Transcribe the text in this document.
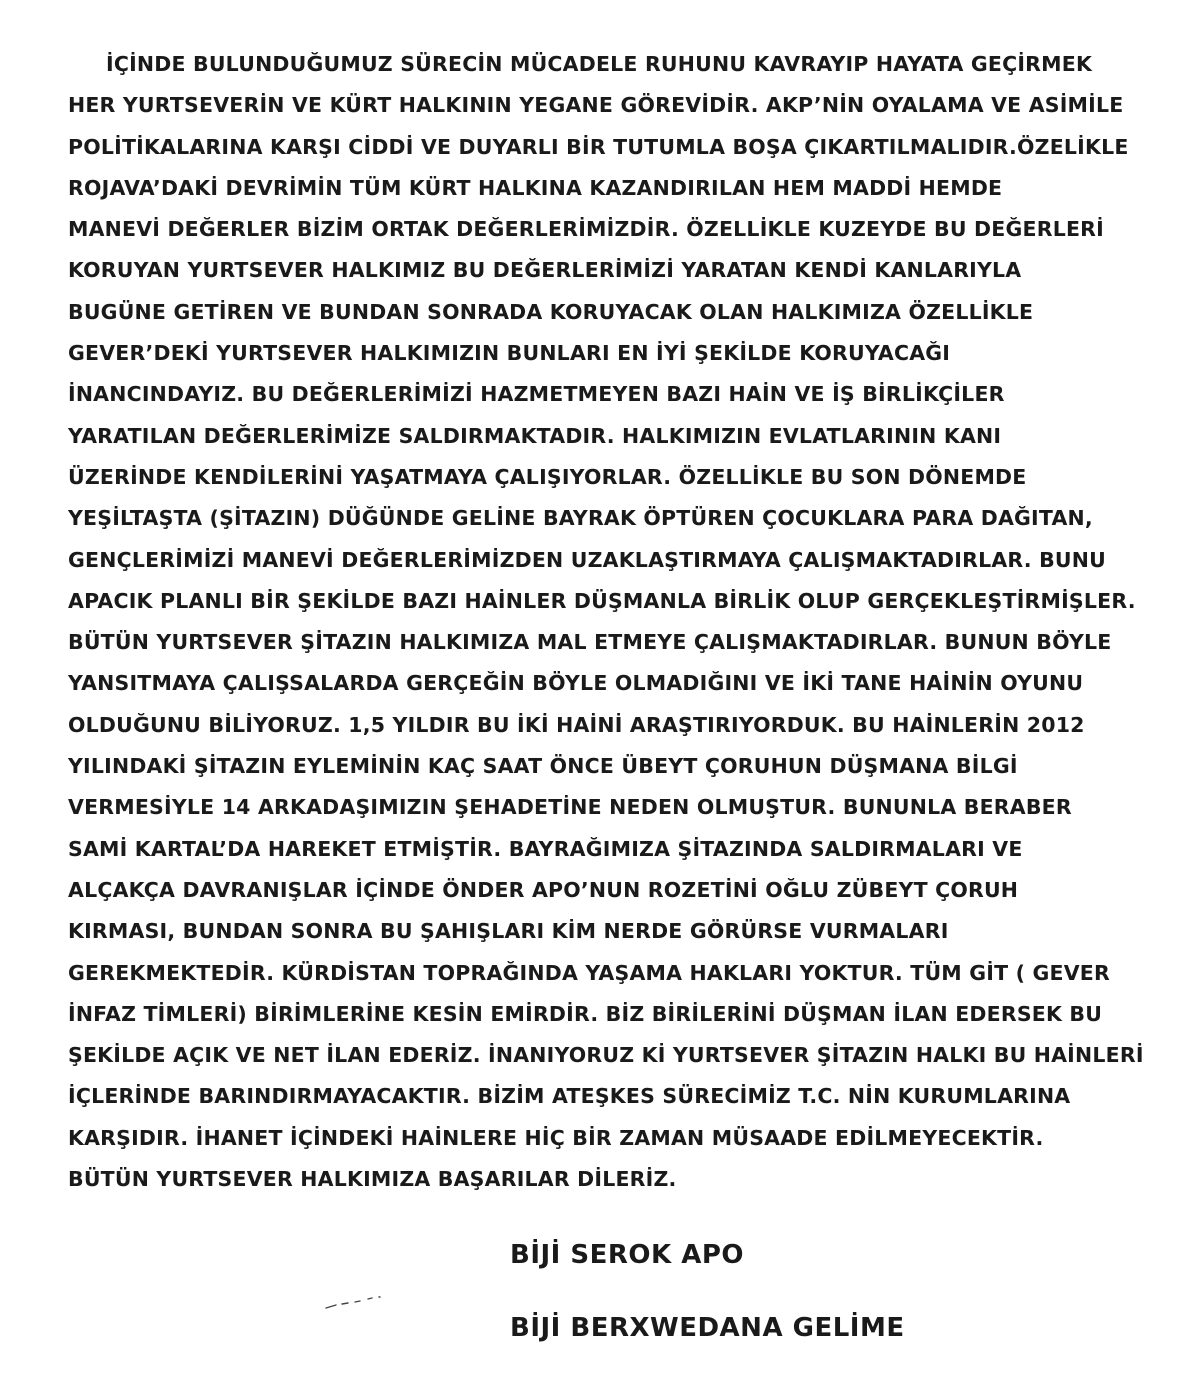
İÇİNDE BULUNDUĞUMUZ SÜRECİN MÜCADELE RUHUNU KAVRAYIP HAYATA GEÇİRMEK
HER YURTSEVERİN VE KÜRT HALKININ YEGANE GÖREVİDİR. AKP’NİN OYALAMA VE ASİMİLE
POLİTİKALARINA KARŞI CİDDİ VE DUYARLI BİR TUTUMLA BOŞA ÇIKARTILMALIDIR.ÖZELİKLE
ROJAVA’DAKİ DEVRİMİN TÜM KÜRT HALKINA KAZANDIRILAN HEM MADDİ HEMDE
MANEVİ DEĞERLER BİZİM ORTAK DEĞERLERİMİZDİR. ÖZELLİKLE KUZEYDE BU DEĞERLERİ
KORUYAN YURTSEVER HALKIMIZ BU DEĞERLERİMİZİ YARATAN KENDİ KANLARIYLA
BUGÜNE GETİREN VE BUNDAN SONRADA KORUYACAK OLAN HALKIMIZA ÖZELLİKLE
GEVER’DEKİ YURTSEVER HALKIMIZIN BUNLARI EN İYİ ŞEKİLDE KORUYACAĞI
İNANCINDAYIZ. BU DEĞERLERİMİZİ HAZMETMEYEN BAZI HAİN VE İŞ BİRLİKÇİLER
YARATILAN DEĞERLERİMİZE SALDIRMAKTADIR. HALKIMIZIN EVLATLARININ KANI
ÜZERİNDE KENDİLERİNİ YAŞATMAYA ÇALIŞIYORLAR. ÖZELLİKLE BU SON DÖNEMDE
YEŞİLTAŞTA (ŞİTAZIN) DÜĞÜNDE GELİNE BAYRAK ÖPTÜREN ÇOCUKLARA PARA DAĞITAN,
GENÇLERİMİZİ MANEVİ DEĞERLERİMİZDEN UZAKLAŞTIRMAYA ÇALIŞMAKTADIRLAR. BUNU
APACIK PLANLI BİR ŞEKİLDE BAZI HAİNLER DÜŞMANLA BİRLİK OLUP GERÇEKLEŞTİRMİŞLER.
BÜTÜN YURTSEVER ŞİTAZIN HALKIMIZA MAL ETMEYE ÇALIŞMAKTADIRLAR. BUNUN BÖYLE
YANSITMAYA ÇALIŞSALARDA GERÇEĞİN BÖYLE OLMADIĞINI VE İKİ TANE HAİNİN OYUNU
OLDUĞUNU BİLİYORUZ. 1,5 YILDIR BU İKİ HAİNİ ARAŞTIRIYORDUK. BU HAİNLERİN 2012
YILINDAKİ ŞİTAZIN EYLEMİNİN KAÇ SAAT ÖNCE ÜBEYT ÇORUHUN DÜŞMANA BİLGİ
VERMESİYLE 14 ARKADAŞIMIZIN ŞEHADETİNE NEDEN OLMUŞTUR. BUNUNLA BERABER
SAMİ KARTAL’DA HAREKET ETMİŞTİR. BAYRAĞIMIZA ŞİTAZINDA SALDIRMALARI VE
ALÇAKÇA DAVRANIŞLAR İÇİNDE ÖNDER APO’NUN ROZETİNİ OĞLU ZÜBEYT ÇORUH
KIRMASI, BUNDAN SONRA BU ŞAHIŞLARI KİM NERDE GÖRÜRSE VURMALARI
GEREKMEKTEDİR. KÜRDİSTAN TOPRAĞINDA YAŞAMA HAKLARI YOKTUR. TÜM GİT ( GEVER
İNFAZ TİMLERİ) BİRİMLERİNE KESİN EMİRDİR. BİZ BİRİLERİNİ DÜŞMAN İLAN EDERSEK BU
ŞEKİLDE AÇIK VE NET İLAN EDERİZ. İNANIYORUZ Kİ YURTSEVER ŞİTAZIN HALKI BU HAİNLERİ
İÇLERİNDE BARINDIRMAYACAKTIR. BİZİM ATEŞKES SÜRECİMİZ T.C. NİN KURUMLARINA
KARŞIDIR. İHANET İÇİNDEKİ HAİNLERE HİÇ BİR ZAMAN MÜSAADE EDİLMEYECEKTİR.
BÜTÜN YURTSEVER HALKIMIZA BAŞARILAR DİLERİZ.

BİJİ SEROK APO

BİJİ BERXWEDANA GELİME
